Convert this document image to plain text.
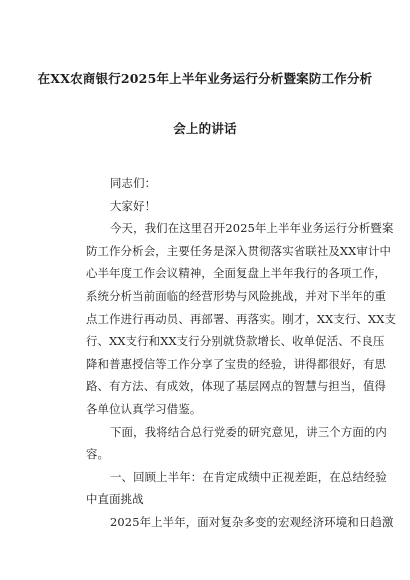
在XX农商银行2025年上半年业务运行分析暨案防工作分析
会上的讲话
同志们：
大家好！
今天，我们在这里召开2025年上半年业务运行分析暨案
防工作分析会，主要任务是深入贯彻落实省联社及XX审计中
心半年度工作会议精神，全面复盘上半年我行的各项工作，
系统分析当前面临的经营形势与风险挑战，并对下半年的重
点工作进行再动员、再部署、再落实。刚才，XX支行、XX支
行、XX支行和XX支行分别就贷款增长、收单促活、不良压
降和普惠授信等工作分享了宝贵的经验，讲得都很好，有思
路、有方法、有成效，体现了基层网点的智慧与担当，值得
各单位认真学习借鉴。
下面，我将结合总行党委的研究意见，讲三个方面的内
容。
一、回顾上半年：在肯定成绩中正视差距，在总结经验
中直面挑战
2025年上半年，面对复杂多变的宏观经济环境和日趋激
